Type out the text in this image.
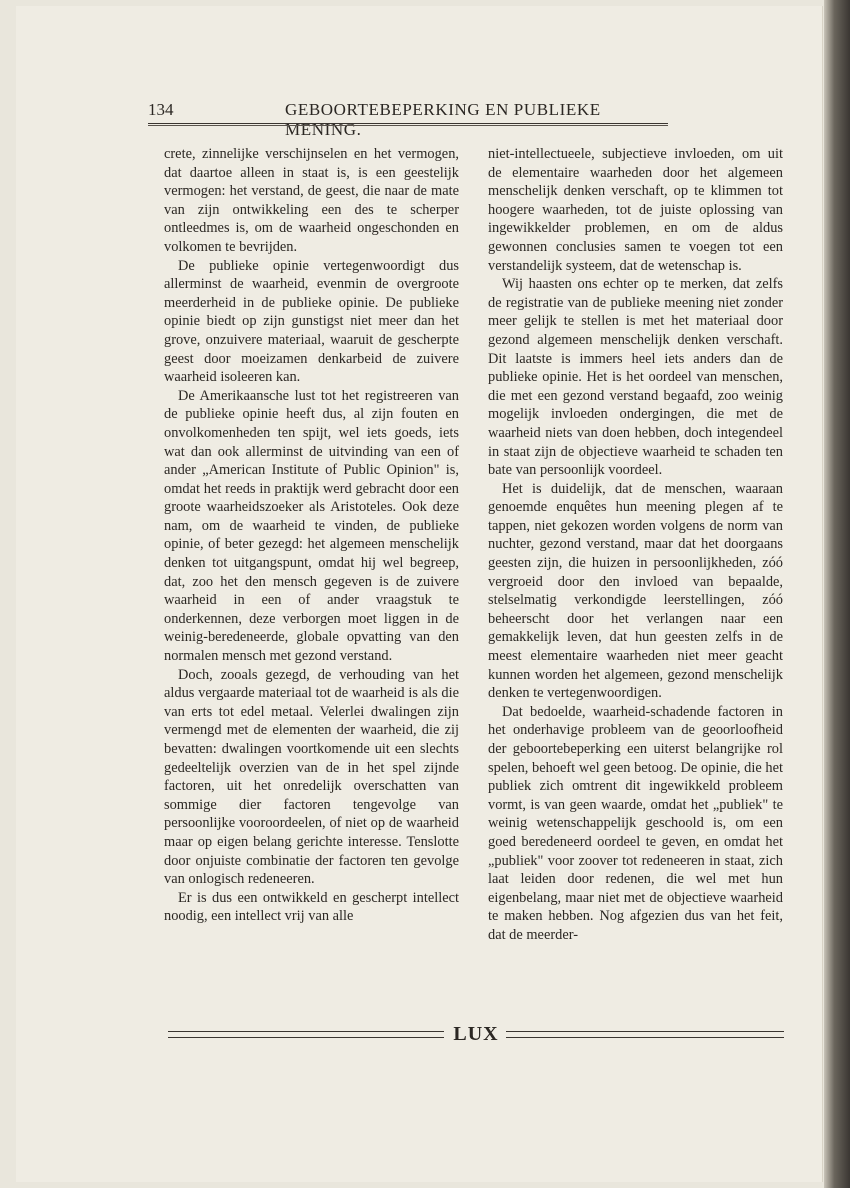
134	GEBOORTEBEPERKING EN PUBLIEKE MENING.

crete, zinnelijke verschijnselen en het vermogen, dat daartoe alleen in staat is, is een geestelijk vermogen: het verstand, de geest, die naar de mate van zijn ontwikkeling een des te scherper ontleedmes is, om de waarheid ongeschonden en volkomen te bevrijden.

De publieke opinie vertegenwoordigt dus allerminst de waarheid, evenmin de overgroote meerderheid in de publieke opinie. De publieke opinie biedt op zijn gunstigst niet meer dan het grove, onzuivere materiaal, waaruit de gescherpte geest door moeizamen denkarbeid de zuivere waarheid isoleeren kan.

De Amerikaansche lust tot het registreeren van de publieke opinie heeft dus, al zijn fouten en onvolkomenheden ten spijt, wel iets goeds, iets wat dan ook allerminst de uitvinding van een of ander „American Institute of Public Opinion" is, omdat het reeds in praktijk werd gebracht door een groote waarheidszoeker als Aristoteles. Ook deze nam, om de waarheid te vinden, de publieke opinie, of beter gezegd: het algemeen menschelijk denken tot uitgangspunt, omdat hij wel begreep, dat, zoo het den mensch gegeven is de zuivere waarheid in een of ander vraagstuk te onderkennen, deze verborgen moet liggen in de weinig-beredeneerde, globale opvatting van den normalen mensch met gezond verstand.

Doch, zooals gezegd, de verhouding van het aldus vergaarde materiaal tot de waarheid is als die van erts tot edel metaal. Velerlei dwalingen zijn vermengd met de elementen der waarheid, die zij bevatten: dwalingen voortkomende uit een slechts gedeeltelijk overzien van de in het spel zijnde factoren, uit het onredelijk overschatten van sommige dier factoren tengevolge van persoonlijke vooroordeelen, of niet op de waarheid maar op eigen belang gerichte interesse. Tenslotte door onjuiste combinatie der factoren ten gevolge van onlogisch redeneeren.

Er is dus een ontwikkeld en gescherpt intellect noodig, een intellect vrij van alle

niet-intellectueele, subjectieve invloeden, om uit de elementaire waarheden door het algemeen menschelijk denken verschaft, op te klimmen tot hoogere waarheden, tot de juiste oplossing van ingewikkelder problemen, en om de aldus gewonnen conclusies samen te voegen tot een verstandelijk systeem, dat de wetenschap is.

Wij haasten ons echter op te merken, dat zelfs de registratie van de publieke meening niet zonder meer gelijk te stellen is met het materiaal door gezond algemeen menschelijk denken verschaft. Dit laatste is immers heel iets anders dan de publieke opinie. Het is het oordeel van menschen, die met een gezond verstand begaafd, zoo weinig mogelijk invloeden ondergingen, die met de waarheid niets van doen hebben, doch integendeel in staat zijn de objectieve waarheid te schaden ten bate van persoonlijk voordeel.

Het is duidelijk, dat de menschen, waaraan genoemde enquêtes hun meening plegen af te tappen, niet gekozen worden volgens de norm van nuchter, gezond verstand, maar dat het doorgaans geesten zijn, die huizen in persoonlijkheden, zóó vergroeid door den invloed van bepaalde, stelselmatig verkondigde leerstellingen, zóó beheerscht door het verlangen naar een gemakkelijk leven, dat hun geesten zelfs in de meest elementaire waarheden niet meer geacht kunnen worden het algemeen, gezond menschelijk denken te vertegenwoordigen.

Dat bedoelde, waarheid-schadende factoren in het onderhavige probleem van de geoorloofheid der geboortebeperking een uiterst belangrijke rol spelen, behoeft wel geen betoog. De opinie, die het publiek zich omtrent dit ingewikkeld probleem vormt, is van geen waarde, omdat het „publiek" te weinig wetenschappelijk geschoold is, om een goed beredeneerd oordeel te geven, en omdat het „publiek" voor zoover tot redeneeren in staat, zich laat leiden door redenen, die wel met hun eigenbelang, maar niet met de objectieve waarheid te maken hebben. Nog afgezien dus van het feit, dat de meerder-

LUX
